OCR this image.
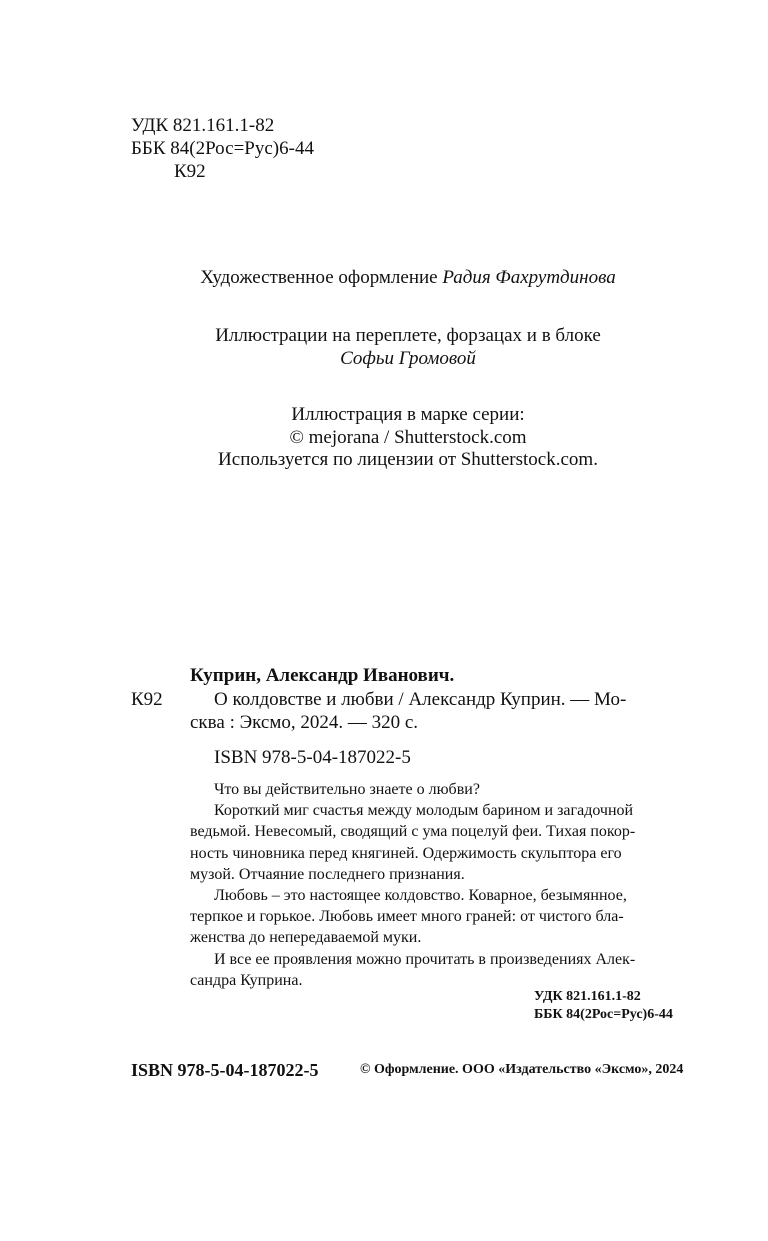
УДК 821.161.1-82
ББК 84(2Рос=Рус)6-44
К92
Художественное оформление Радия Фахрутдинова
Иллюстрации на переплете, форзацах и в блоке
Софьи Громовой
Иллюстрация в марке серии:
© mejorana / Shutterstock.com
Используется по лицензии от Shutterstock.com.
Куприн, Александр Иванович.
К92	О колдовстве и любви / Александр Куприн. — Мо-
сква : Эксмо, 2024. — 320 с.
ISBN 978-5-04-187022-5
Что вы действительно знаете о любви?
Короткий миг счастья между молодым барином и загадочной
ведьмой. Невесомый, сводящий с ума поцелуй феи. Тихая покор-
ность чиновника перед княгиней. Одержимость скульптора его
музой. Отчаяние последнего признания.
Любовь – это настоящее колдовство. Коварное, безымянное,
терпкое и горькое. Любовь имеет много граней: от чистого бла-
женства до непередаваемой муки.
И все ее проявления можно прочитать в произведениях Алек-
сандра Куприна.
УДК 821.161.1-82
ББК 84(2Рос=Рус)6-44
ISBN 978-5-04-187022-5	© Оформление. ООО «Издательство «Эксмо», 2024
